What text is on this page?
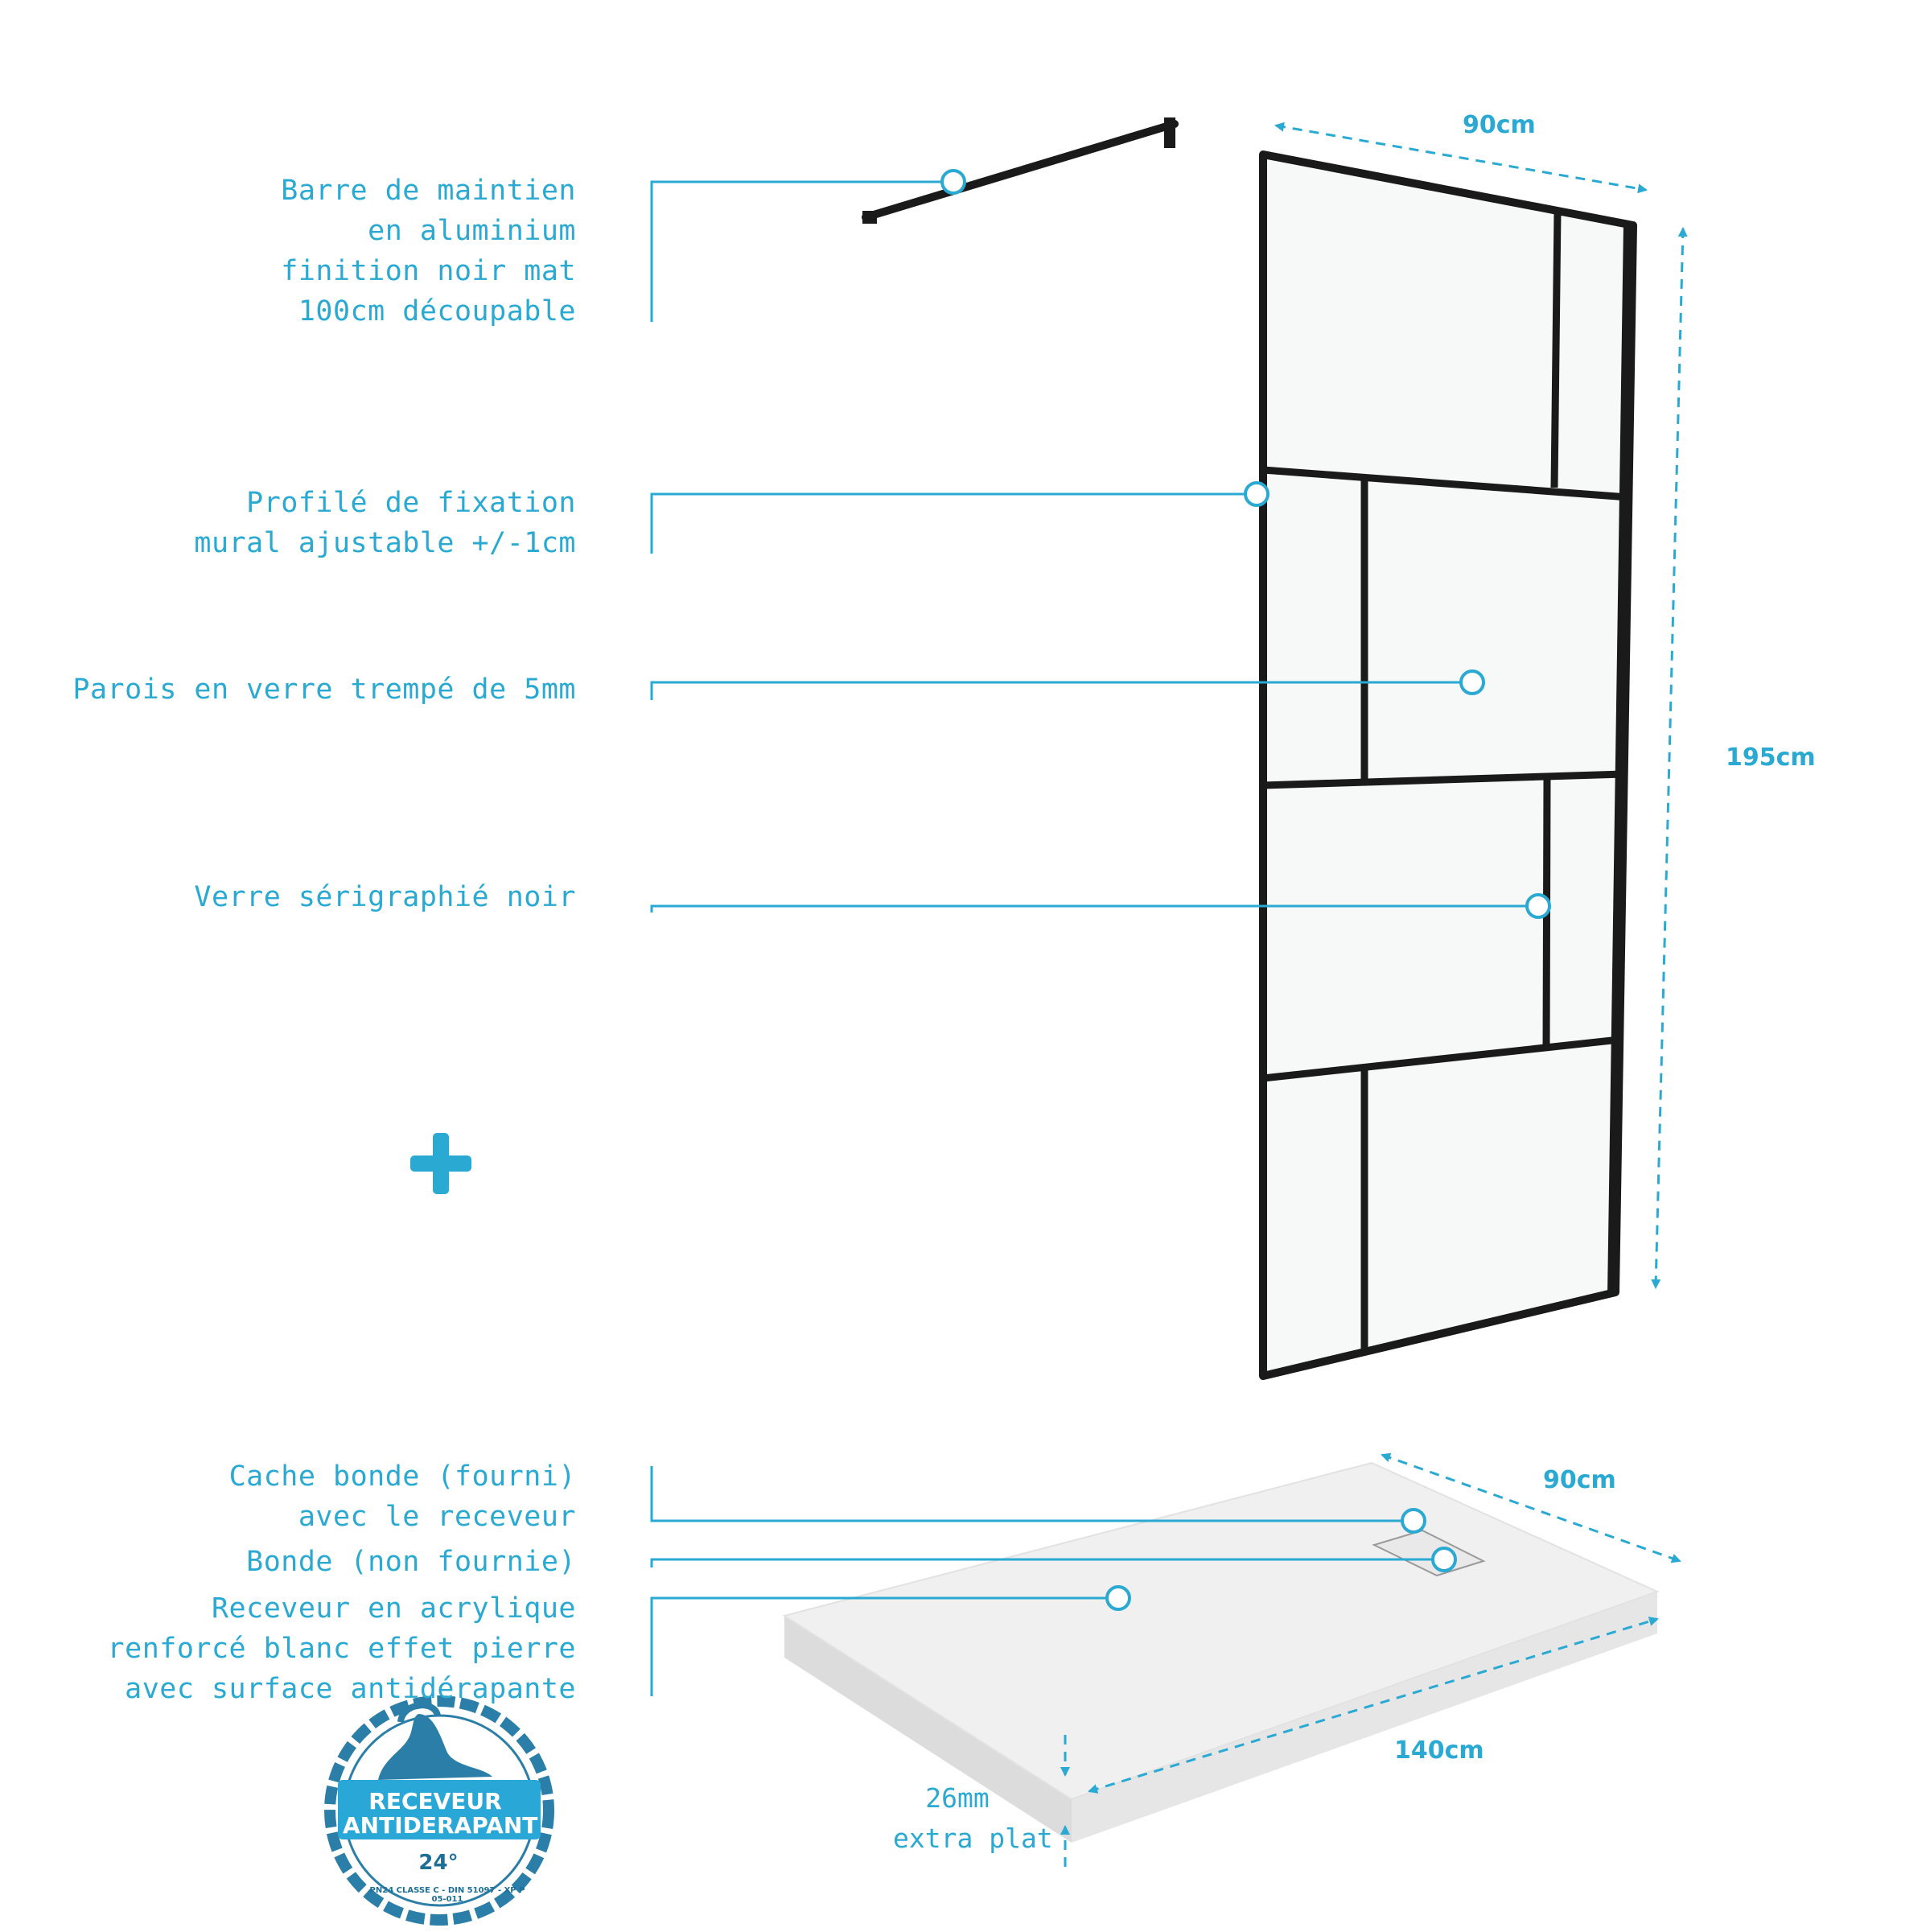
Barre de maintien
en aluminium
finition noir mat
100cm découpable
Profilé de fixation
mural ajustable +/-1cm
Parois en verre trempé de 5mm
Verre sérigraphié noir
Cache bonde (fourni)
avec le receveur
Bonde (non fournie)
Receveur en acrylique
renforcé blanc effet pierre
avec surface antidérapante
90cm
195cm
90cm
140cm
26mm
extra plat
RECEVEUR
ANTIDERAPANT
24°
PN24 CLASSE C - DIN 51097 - XP P 05-011
